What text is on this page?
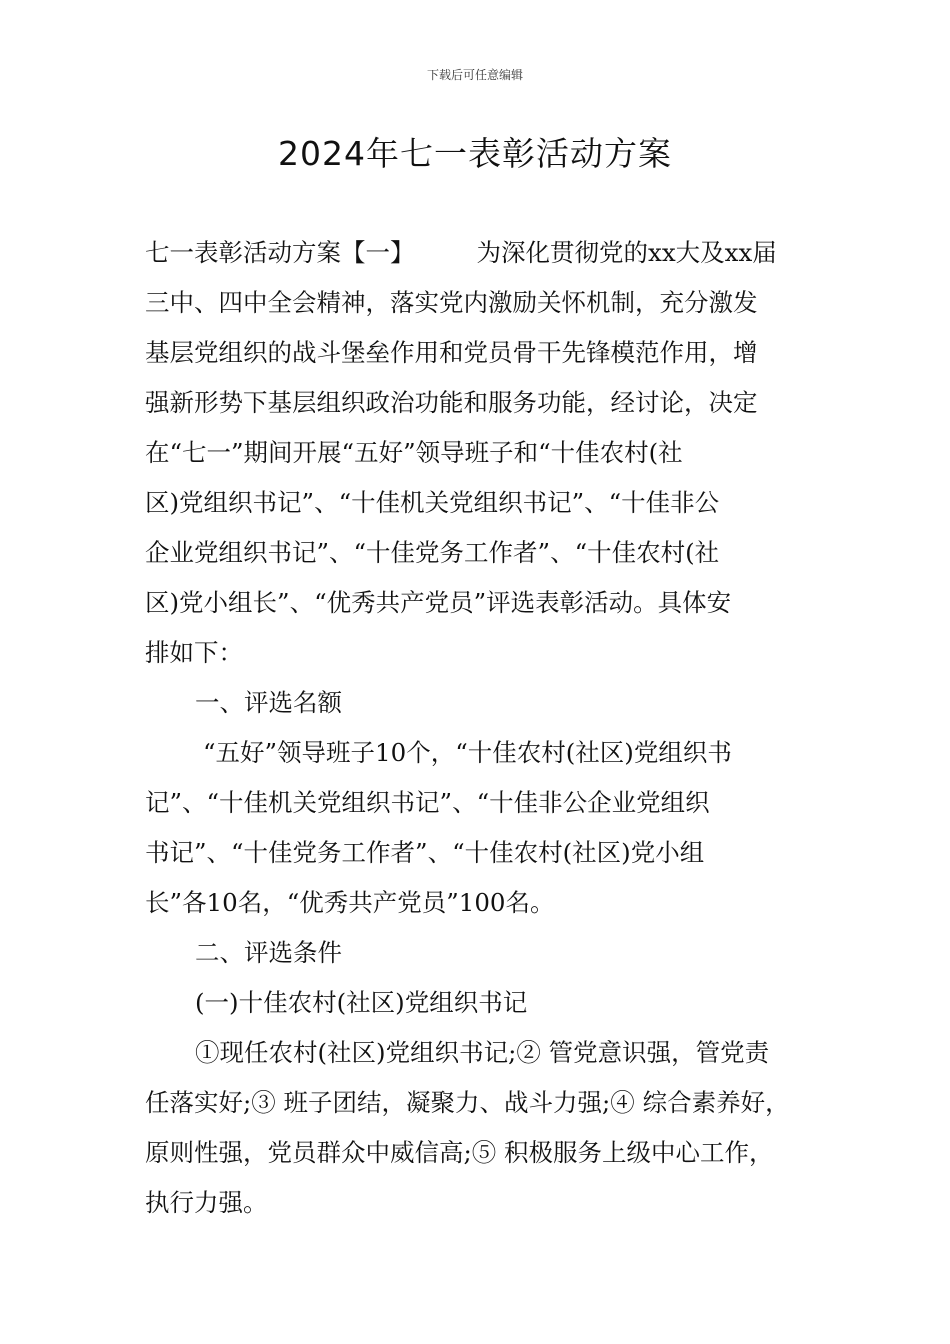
下载后可任意编辑
2024年七一表彰活动方案
七一表彰活动方案【一】	为深化贯彻党的xx大及xx届
三中、四中全会精神，落实党内激励关怀机制，充分激发
基层党组织的战斗堡垒作用和党员骨干先锋模范作用，增
强新形势下基层组织政治功能和服务功能，经讨论，决定
在“七一”期间开展“五好”领导班子和“十佳农村(社
区)党组织书记”、“十佳机关党组织书记”、“十佳非公
企业党组织书记”、“十佳党务工作者”、“十佳农村(社
区)党小组长”、“优秀共产党员”评选表彰活动。具体安
排如下：
一、评选名额
“五好”领导班子10个，“十佳农村(社区)党组织书
记”、“十佳机关党组织书记”、“十佳非公企业党组织
书记”、“十佳党务工作者”、“十佳农村(社区)党小组
长”各10名，“优秀共产党员”100名。
二、评选条件
(一)十佳农村(社区)党组织书记
①现任农村(社区)党组织书记;② 管党意识强，管党责
任落实好;③ 班子团结，凝聚力、战斗力强;④ 综合素养好，
原则性强，党员群众中威信高;⑤ 积极服务上级中心工作，
执行力强。
